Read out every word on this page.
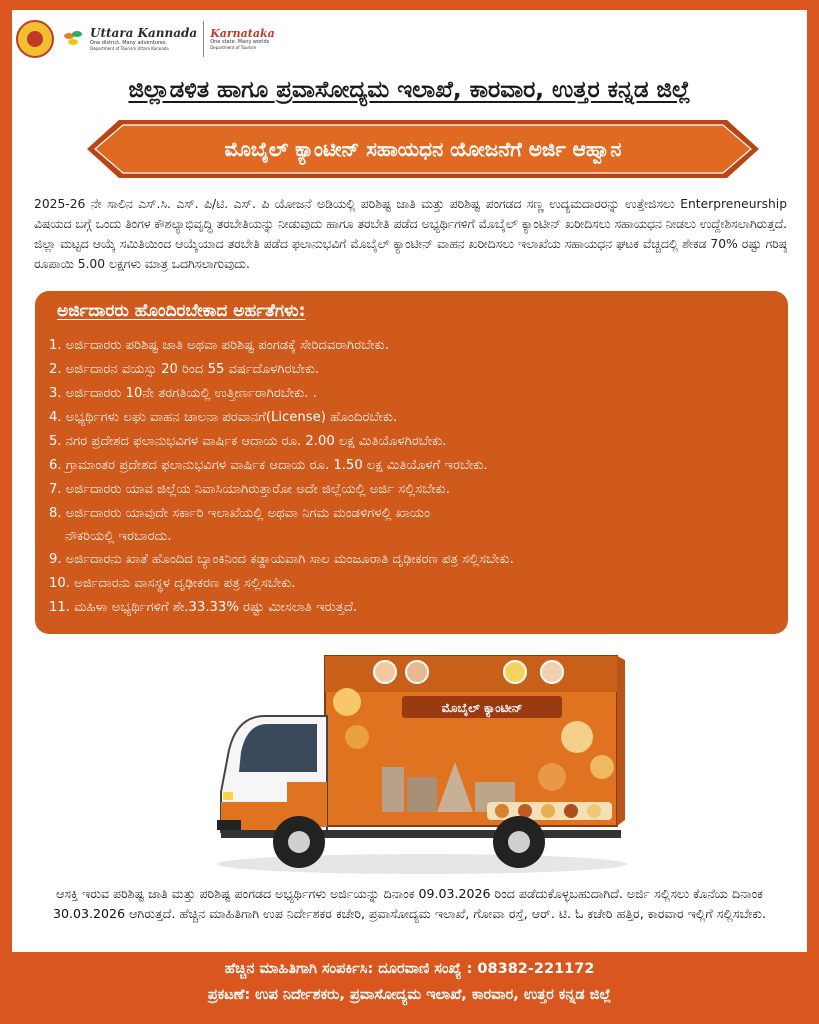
Uttara Kannada
One district. Many adventures.
Department of Tourism Uttara Kannada
Karnataka
One state. Many worlds
Department of Tourism
ಜಿಲ್ಲಾಡಳಿತ ಹಾಗೂ ಪ್ರವಾಸೋದ್ಯಮ ಇಲಾಖೆ, ಕಾರವಾರ, ಉತ್ತರ ಕನ್ನಡ ಜಿಲ್ಲೆ
ಮೊಬೈಲ್ ಕ್ಯಾಂಟೀನ್ ಸಹಾಯಧನ ಯೋಜನೆಗೆ ಅರ್ಜಿ ಆಹ್ವಾನ
2025-26 ನೇ ಸಾಲಿನ ಎಸ್.ಸಿ. ಎಸ್. ಪಿ/ಟಿ. ಎಸ್. ಪಿ ಯೋಜನೆ ಅಡಿಯಲ್ಲಿ ಪರಿಶಿಷ್ಟ ಜಾತಿ ಮತ್ತು ಪರಿಶಿಷ್ಟ ಪಂಗಡದ ಸಣ್ಣ ಉದ್ಯಮದಾರರನ್ನು ಉತ್ತೇಜಿಸಲು Enterpreneurship ವಿಷಯದ ಬಗ್ಗೆ ಒಂದು ತಿಂಗಳ ಕೌಶಲ್ಯಾಭಿವೃದ್ಧಿ ತರಬೇತಿಯನ್ನು ನೀಡುವುದು ಹಾಗೂ ತರಬೇತಿ ಪಡೆದ ಅಭ್ಯರ್ಥಿಗಳಿಗೆ ಮೊಬೈಲ್ ಕ್ಯಾಂಟೀನ್ ಖರೀದಿಸಲು ಸಹಾಯಧನ ನೀಡಲು ಉದ್ದೇಶಿಸಲಾಗಿರುತ್ತದೆ. ಜಿಲ್ಲಾ ಮಟ್ಟದ ಆಯ್ಕೆ ಸಮಿತಿಯಿಂದ ಆಯ್ಕೆಯಾದ ತರಬೇತಿ ಪಡೆದ ಫಲಾನುಭವಿಗೆ ಮೊಬೈಲ್ ಕ್ಯಾಂಟೀನ್ ವಾಹನ ಖರೀದಿಸಲು ಇಲಾಖೆಯ ಸಹಾಯಧನ ಘಟಕ ವೆಚ್ಚದಲ್ಲಿ ಶೇಕಡ 70% ರಷ್ಟು ಗರಿಷ್ಠ ರೂಪಾಯಿ 5.00 ಲಕ್ಷಗಳು ಮಾತ್ರ ಒದಗಿಸಲಾಗುವುದು.
ಅರ್ಜಿದಾರರು ಹೊಂದಿರಬೇಕಾದ ಅರ್ಹತೆಗಳು:
1. ಅರ್ಜಿದಾರರು ಪರಿಶಿಷ್ಟ ಜಾತಿ ಅಥವಾ ಪರಿಶಿಷ್ಟ ಪಂಗಡಕ್ಕೆ ಸೇರಿದವರಾಗಿರಬೇಕು.
2. ಅರ್ಜಿದಾರನ ವಯಸ್ಸು 20 ರಿಂದ 55 ವರ್ಷದೊಳಗಿರಬೇಕು.
3. ಅರ್ಜಿದಾರರು 10ನೇ ತರಗತಿಯಲ್ಲಿ ಉತ್ತೀರ್ಣರಾಗಿರಬೇಕು. .
4. ಅಭ್ಯರ್ಥಿಗಳು ಲಘು ವಾಹನ ಚಾಲನಾ ಪರವಾನಗೆ(License) ಹೊಂದಿರಬೇಕು.
5. ನಗರ ಪ್ರದೇಶದ ಫಲಾನುಭವಿಗಳ ವಾರ್ಷಿಕ ಆದಾಯ ರೂ. 2.00 ಲಕ್ಷ ಮಿತಿಯೊಳಗಿರಬೇಕು.
6. ಗ್ರಾಮಾಂತರ ಪ್ರದೇಶದ ಫಲಾನುಭವಿಗಳ ವಾರ್ಷಿಕ ಆದಾಯ ರೂ. 1.50 ಲಕ್ಷ ಮಿತಿಯೊಳಗೆ ಇರಬೇಕು.
7. ಅರ್ಜಿದಾರರು ಯಾವ ಜಿಲ್ಲೆಯ ನಿವಾಸಿಯಾಗಿರುತ್ತಾರೋ ಅದೇ ಜಿಲ್ಲೆಯಲ್ಲಿ ಅರ್ಜಿ ಸಲ್ಲಿಸಬೇಕು.
8. ಅರ್ಜಿದಾರರು ಯಾವುದೇ ಸರ್ಕಾರಿ ಇಲಾಖೆಯಲ್ಲಿ ಅಥವಾ ನಿಗಮ ಮಂಡಳಿಗಳಲ್ಲಿ ಖಾಯಂ
ನೌಕರಿಯಲ್ಲಿ ಇರಬಾರದು.
9. ಅರ್ಜಿದಾರನು ಖಾತೆ ಹೊಂದಿದ ಬ್ಯಾಂಕಿನಿಂದ ಕಡ್ಡಾಯವಾಗಿ ಸಾಲ ಮಂಜೂರಾತಿ ದೃಢೀಕರಣ ಪತ್ರ ಸಲ್ಲಿಸಬೇಕು.
10. ಅರ್ಜಿದಾರನು ವಾಸಸ್ಥಳ ದೃಢೀಕರಣ ಪತ್ರ ಸಲ್ಲಿಸಬೇಕು.
11. ಮಹಿಳಾ ಅಭ್ಯರ್ಥಿಗಳಿಗೆ ಶೇ.33.33% ರಷ್ಟು ಮೀಸಲಾತಿ ಇರುತ್ತದೆ.
ಮೊಬೈಲ್ ಕ್ಯಾಂಟೀನ್
ಆಸಕ್ತಿ ಇರುವ ಪರಿಶಿಷ್ಟ ಜಾತಿ ಮತ್ತು ಪರಿಶಿಷ್ಟ ಪಂಗಡದ ಅಭ್ಯರ್ಥಿಗಳು ಅರ್ಜಿಯನ್ನು ದಿನಾಂಕ 09.03.2026 ರಿಂದ ಪಡೆದುಕೊಳ್ಳಬಹುದಾಗಿದೆ. ಅರ್ಜಿ ಸಲ್ಲಿಸಲು ಕೊನೆಯ ದಿನಾಂಕ 30.03.2026 ಆಗಿರುತ್ತದೆ. ಹೆಚ್ಚಿನ ಮಾಹಿತಿಗಾಗಿ ಉಪ ನಿರ್ದೇಶಕರ ಕಚೇರಿ, ಪ್ರವಾಸೋದ್ಯಮ ಇಲಾಖೆ, ಗೋವಾ ರಸ್ತೆ, ಆರ್. ಟಿ. ಓ ಕಚೇರಿ ಹತ್ತಿರ, ಕಾರವಾರ ಇಲ್ಲಿಗೆ ಸಲ್ಲಿಸಬೇಕು.
ಹೆಚ್ಚಿನ ಮಾಹಿತಿಗಾಗಿ ಸಂಪರ್ಕಿಸಿ: ದೂರವಾಣಿ ಸಂಖ್ಯೆ : 08382-221172
ಪ್ರಕಟಣೆ: ಉಪ ನಿರ್ದೇಶಕರು, ಪ್ರವಾಸೋದ್ಯಮ ಇಲಾಖೆ, ಕಾರವಾರ, ಉತ್ತರ ಕನ್ನಡ ಜಿಲ್ಲೆ
